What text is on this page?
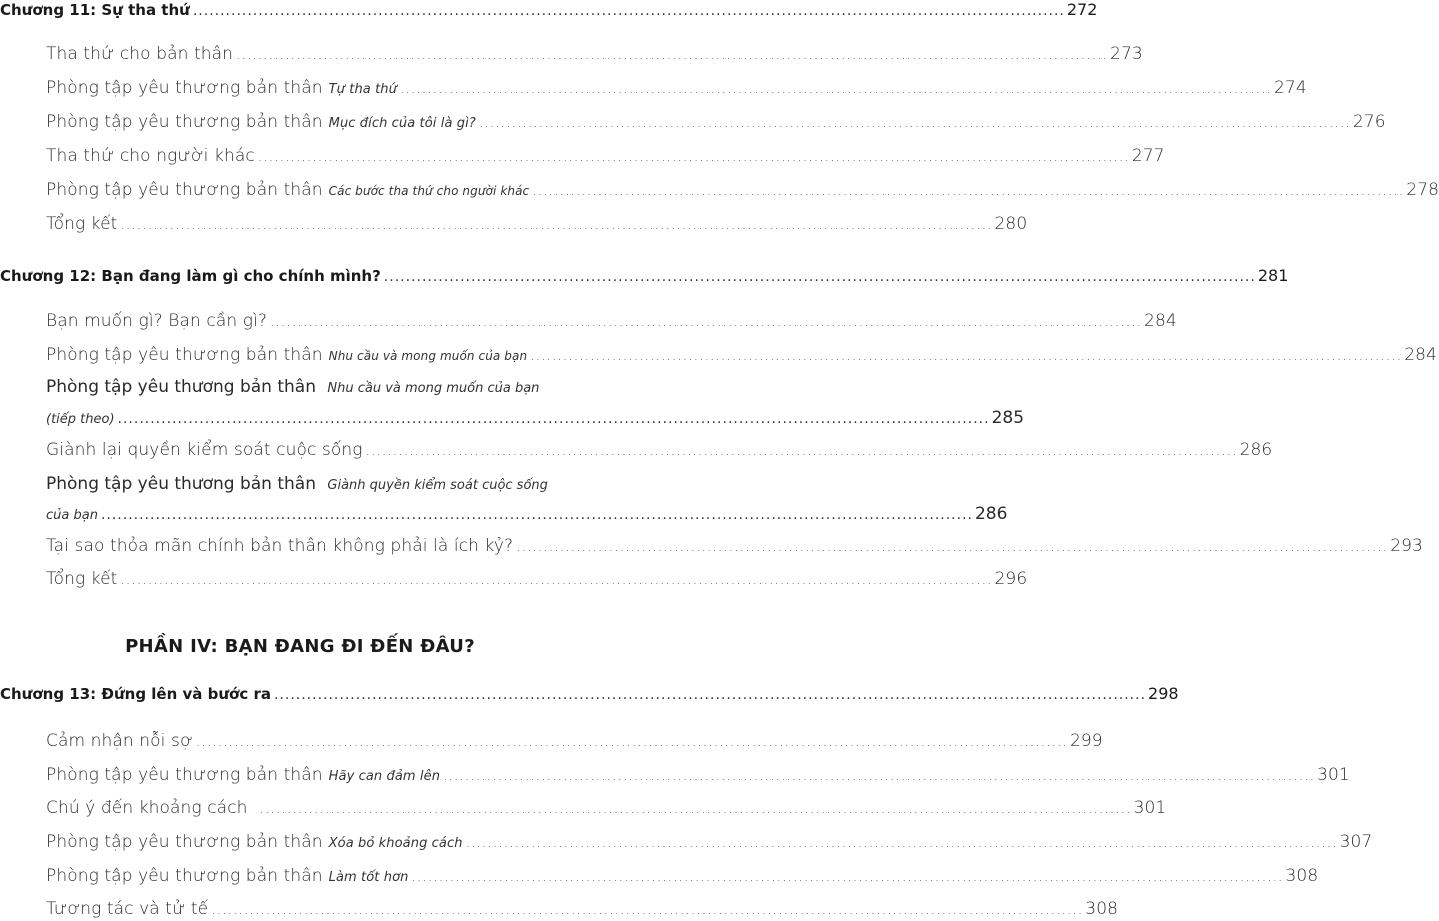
Chương 11: Sự tha thứ ................................................................................................................................................................ 272
Tha thứ cho bản thân ................................................................................................................................................................ 273
Phòng tập yêu thương bản thân Tự tha thứ ................................................................................................................................................................ 274
Phòng tập yêu thương bản thân Mục đích của tôi là gì? ................................................................................................................................................................ 276
Tha thứ cho người khác ................................................................................................................................................................ 277
Phòng tập yêu thương bản thân Các bước tha thứ cho người khác ................................................................................................................................................................ 278
Tổng kết ................................................................................................................................................................ 280
Chương 12: Bạn đang làm gì cho chính mình? ................................................................................................................................................................ 281
Bạn muốn gì? Bạn cần gì? ................................................................................................................................................................ 284
Phòng tập yêu thương bản thân Nhu cầu và mong muốn của bạn ................................................................................................................................................................ 284
Phòng tập yêu thương bản thân Nhu cầu và mong muốn của bạn
(tiếp theo) ................................................................................................................................................................ 285
Giành lại quyền kiểm soát cuộc sống ................................................................................................................................................................ 286
Phòng tập yêu thương bản thân Giành quyền kiểm soát cuộc sống
của bạn ................................................................................................................................................................ 286
Tại sao thỏa mãn chính bản thân không phải là ích kỷ? ................................................................................................................................................................ 293
Tổng kết ................................................................................................................................................................ 296
PHẦN IV: BẠN ĐANG ĐI ĐẾN ĐÂU?
Chương 13: Đứng lên và bước ra ................................................................................................................................................................ 298
Cảm nhận nỗi sợ ................................................................................................................................................................ 299
Phòng tập yêu thương bản thân Hãy can đảm lên ................................................................................................................................................................ 301
Chú ý đến khoảng cách ................................................................................................................................................................ 301
Phòng tập yêu thương bản thân Xóa bỏ khoảng cách ................................................................................................................................................................ 307
Phòng tập yêu thương bản thân Làm tốt hơn ................................................................................................................................................................ 308
Tương tác và tử tế ................................................................................................................................................................ 308
